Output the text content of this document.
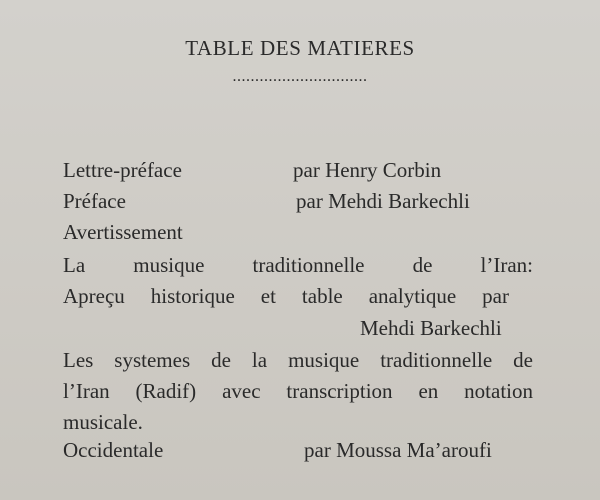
TABLE DES MATIERES
..............................
Lettre-préface	par Henry Corbin
Préface	par Mehdi Barkechli
Avertissement
La musique traditionnelle de l’Iran:
Apreçu historique et table analytique par
Mehdi Barkechli
Les systemes de la musique traditionnelle de
l’Iran (Radif) avec transcription en notation
musicale.
Occidentale	par Moussa Ma’aroufi
